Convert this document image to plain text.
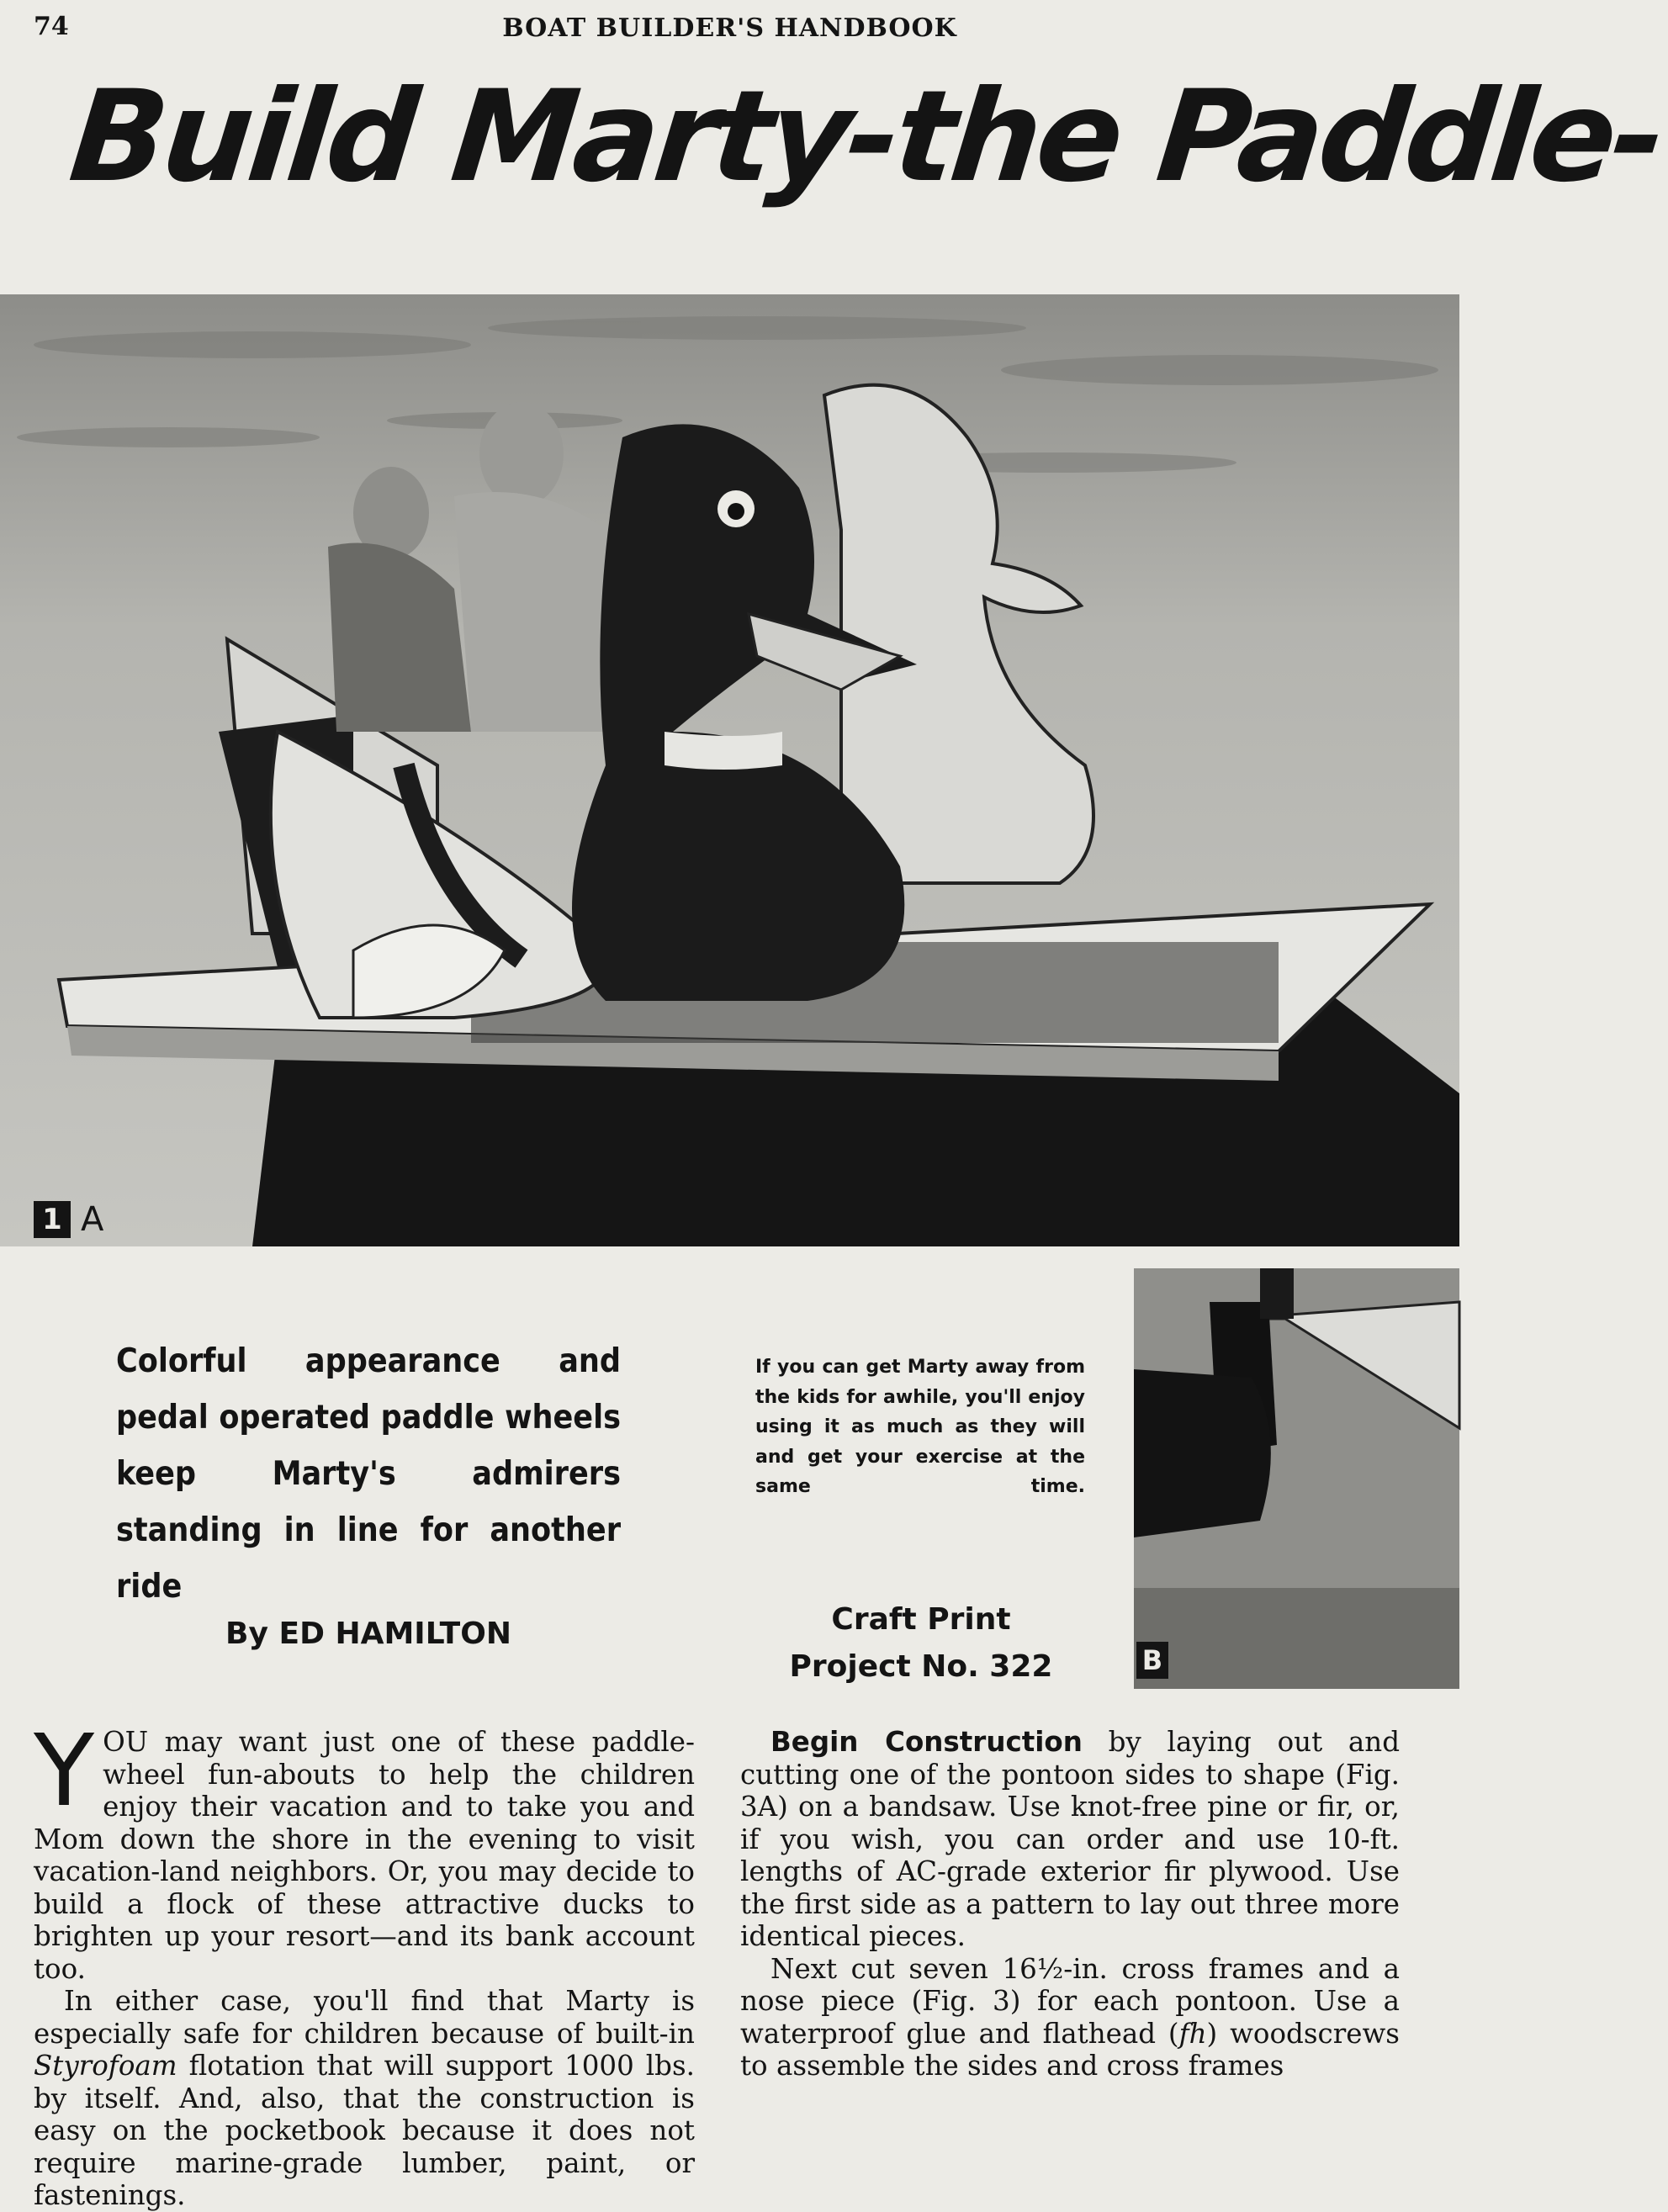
74	BOAT BUILDER'S HANDBOOK
Build Marty-the Paddle-
1 A
B
Colorful appearance and pedal operated paddle wheels keep Marty's admirers standing in line for another ride
By ED HAMILTON
If you can get Marty away from the kids for awhile, you'll enjoy using it as much as they will and get your exercise at the same time.
Craft Print
Project No. 322

YOU may want just one of these paddle-wheel fun-abouts to help the children enjoy their vacation and to take you and Mom down the shore in the evening to visit vacation-land neighbors. Or, you may decide to build a flock of these attractive ducks to brighten up your resort—and its bank account too.

In either case, you'll find that Marty is especially safe for children because of built-in Styrofoam flotation that will support 1000 lbs. by itself. And, also, that the construction is easy on the pocketbook because it does not require marine-grade lumber, paint, or fastenings.

Begin Construction by laying out and cutting one of the pontoon sides to shape (Fig. 3A) on a bandsaw. Use knot-free pine or fir, or, if you wish, you can order and use 10-ft. lengths of AC-grade exterior fir plywood. Use the first side as a pattern to lay out three more identical pieces.

Next cut seven 16½-in. cross frames and a nose piece (Fig. 3) for each pontoon. Use a waterproof glue and flathead (fh) woodscrews to assemble the sides and cross frames
